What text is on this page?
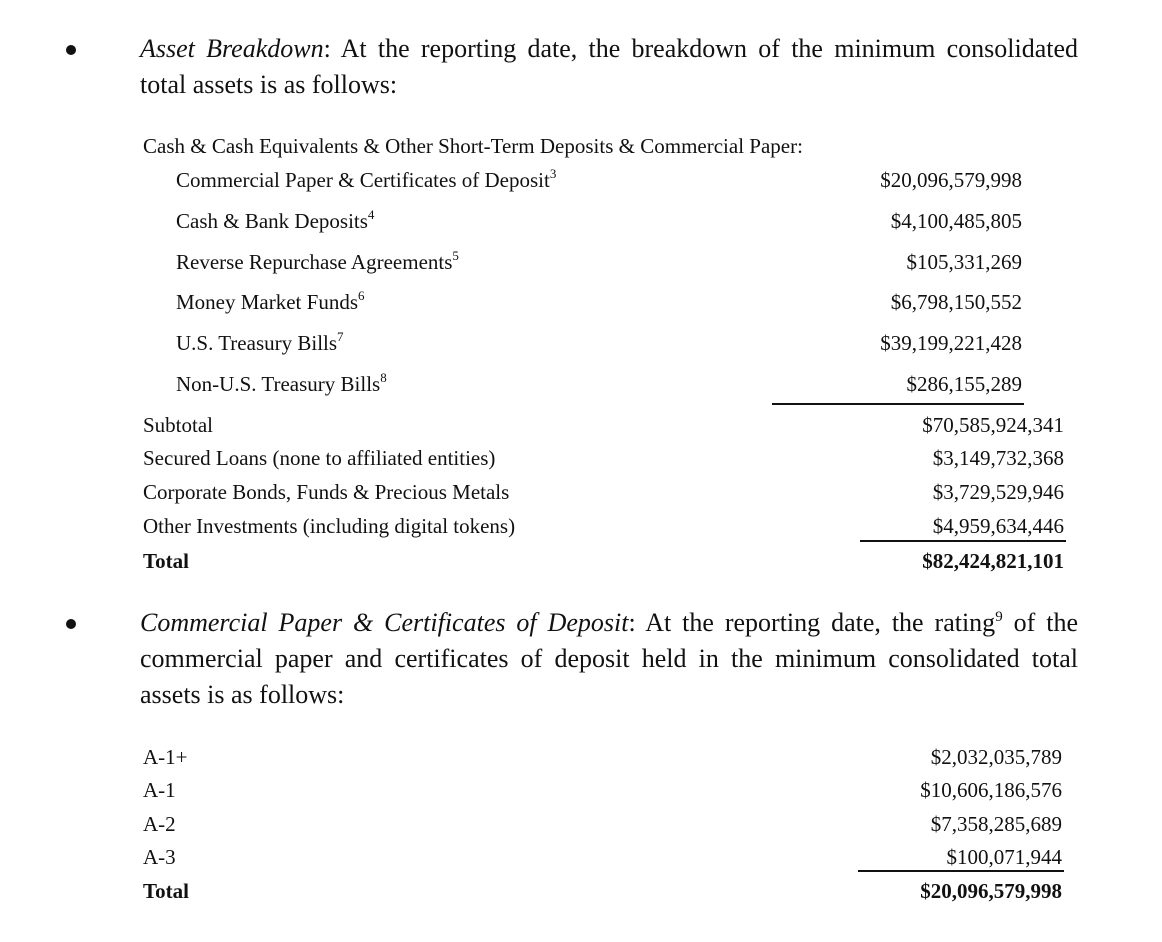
Asset Breakdown: At the reporting date, the breakdown of the minimum consolidated total assets is as follows:
Cash & Cash Equivalents & Other Short-Term Deposits & Commercial Paper:
Commercial Paper & Certificates of Deposit$^3$	$20,096,579,998
Cash & Bank Deposits$^4$	$4,100,485,805
Reverse Repurchase Agreements$^5$	$105,331,269
Money Market Funds$^6$	$6,798,150,552
U.S. Treasury Bills$^7$	$39,199,221,428
Non-U.S. Treasury Bills$^8$	$286,155,289
Subtotal	$70,585,924,341
Secured Loans (none to affiliated entities)	$3,149,732,368
Corporate Bonds, Funds & Precious Metals	$3,729,529,946
Other Investments (including digital tokens)	$4,959,634,446
Total	$82,424,821,101
Commercial Paper & Certificates of Deposit: At the reporting date, the rating$^9$ of the commercial paper and certificates of deposit held in the minimum consolidated total assets is as follows:
A-1+	$2,032,035,789
A-1	$10,606,186,576
A-2	$7,358,285,689
A-3	$100,071,944
Total	$20,096,579,998
